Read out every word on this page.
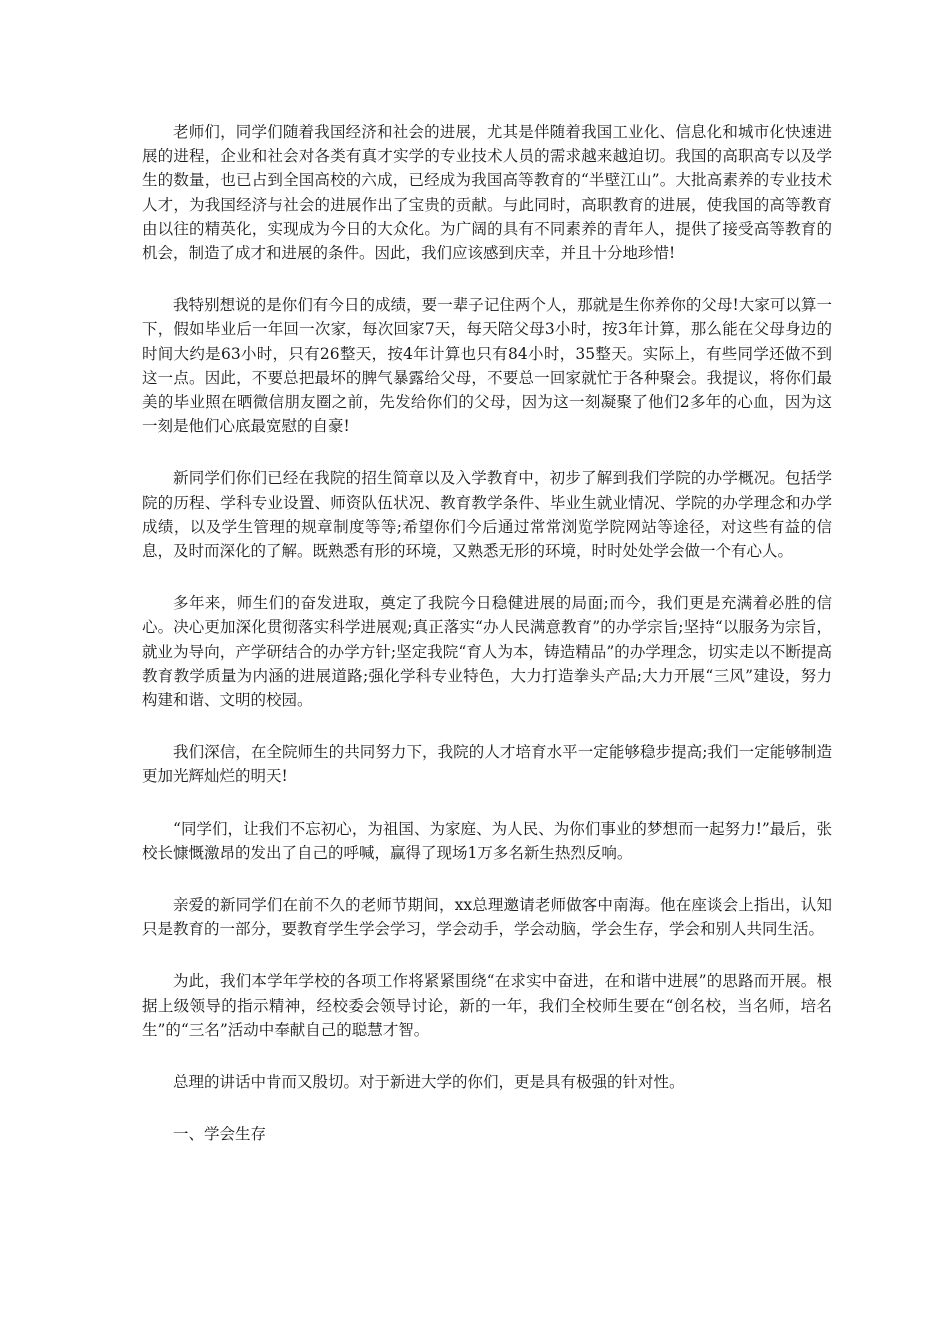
老师们，同学们随着我国经济和社会的进展，尤其是伴随着我国工业化、信息化和城市化快速进展的进程，企业和社会对各类有真才实学的专业技术人员的需求越来越迫切。我国的高职高专以及学生的数量，也已占到全国高校的六成，已经成为我国高等教育的“半壁江山”。大批高素养的专业技术人才，为我国经济与社会的进展作出了宝贵的贡献。与此同时，高职教育的进展，使我国的高等教育由以往的精英化，实现成为今日的大众化。为广阔的具有不同素养的青年人，提供了接受高等教育的机会，制造了成才和进展的条件。因此，我们应该感到庆幸，并且十分地珍惜!

我特别想说的是你们有今日的成绩，要一辈子记住两个人，那就是生你养你的父母!大家可以算一下，假如毕业后一年回一次家，每次回家7天，每天陪父母3小时，按3年计算，那么能在父母身边的时间大约是63小时，只有26整天，按4年计算也只有84小时，35整天。实际上，有些同学还做不到这一点。因此，不要总把最坏的脾气暴露给父母，不要总一回家就忙于各种聚会。我提议，将你们最美的毕业照在晒微信朋友圈之前，先发给你们的父母，因为这一刻凝聚了他们2多年的心血，因为这一刻是他们心底最宽慰的自豪!

新同学们你们已经在我院的招生简章以及入学教育中，初步了解到我们学院的办学概况。包括学院的历程、学科专业设置、师资队伍状况、教育教学条件、毕业生就业情况、学院的办学理念和办学成绩，以及学生管理的规章制度等等;希望你们今后通过常常浏览学院网站等途径，对这些有益的信息，及时而深化的了解。既熟悉有形的环境，又熟悉无形的环境，时时处处学会做一个有心人。

多年来，师生们的奋发进取，奠定了我院今日稳健进展的局面;而今，我们更是充满着必胜的信心。决心更加深化贯彻落实科学进展观;真正落实“办人民满意教育”的办学宗旨;坚持“以服务为宗旨，就业为导向，产学研结合的办学方针;坚定我院“育人为本，铸造精品”的办学理念，切实走以不断提高教育教学质量为内涵的进展道路;强化学科专业特色，大力打造拳头产品;大力开展“三风”建设，努力构建和谐、文明的校园。

我们深信，在全院师生的共同努力下，我院的人才培育水平一定能够稳步提高;我们一定能够制造更加光辉灿烂的明天!

“同学们，让我们不忘初心，为祖国、为家庭、为人民、为你们事业的梦想而一起努力!”最后，张校长慷慨激昂的发出了自己的呼喊，赢得了现场1万多名新生热烈反响。

亲爱的新同学们在前不久的老师节期间，xx总理邀请老师做客中南海。他在座谈会上指出，认知只是教育的一部分，要教育学生学会学习，学会动手，学会动脑，学会生存，学会和别人共同生活。

为此，我们本学年学校的各项工作将紧紧围绕“在求实中奋进，在和谐中进展”的思路而开展。根据上级领导的指示精神，经校委会领导讨论，新的一年，我们全校师生要在“创名校，当名师，培名生”的“三名”活动中奉献自己的聪慧才智。

总理的讲话中肯而又殷切。对于新进大学的你们，更是具有极强的针对性。

一、学会生存
